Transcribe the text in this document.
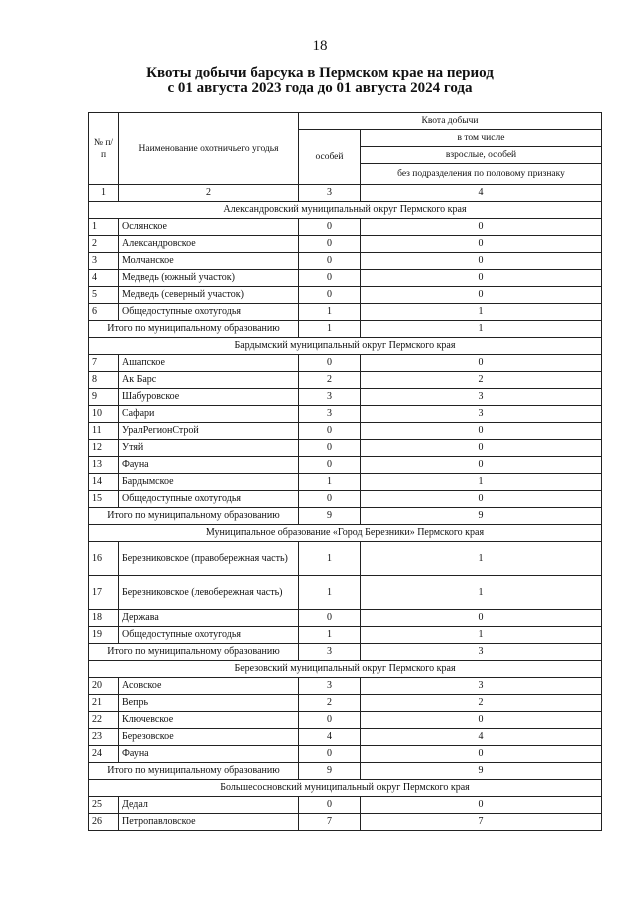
18
Квоты добычи барсука в Пермском крае на период
с 01 августа 2023 года до 01 августа 2024 года
№ п/п	Наименование охотничьего угодья	Квота добычи	
		особей	в том числе
			взрослые, особей
			без подразделения по половому признаку
1	2	3	4
Александровский муниципальный округ Пермского края			
1	Ослянское	0	0
2	Александровское	0	0
3	Молчанское	0	0
4	Медведь (южный участок)	0	0
5	Медведь (северный участок)	0	0
6	Общедоступные охотугодья	1	1
Итого по муниципальному образованию		1	1
Бардымский муниципальный округ Пермского края			
7	Ашапское	0	0
8	Ак Барс	2	2
9	Шабуровское	3	3
10	Сафари	3	3
11	УралРегионСтрой	0	0
12	Утяй	0	0
13	Фауна	0	0
14	Бардымское	1	1
15	Общедоступные охотугодья	0	0
Итого по муниципальному образованию		9	9
Муниципальное образование «Город Березники» Пермского края			
16	Березниковское (правобережная часть)	1	1
17	Березниковское (левобережная часть)	1	1
18	Держава	0	0
19	Общедоступные охотугодья	1	1
Итого по муниципальному образованию		3	3
Березовский муниципальный округ Пермского края			
20	Асовское	3	3
21	Вепрь	2	2
22	Ключевское	0	0
23	Березовское	4	4
24	Фауна	0	0
Итого по муниципальному образованию		9	9
Большесосновский муниципальный округ Пермского края			
25	Дедал	0	0
26	Петропавловское	7	7
